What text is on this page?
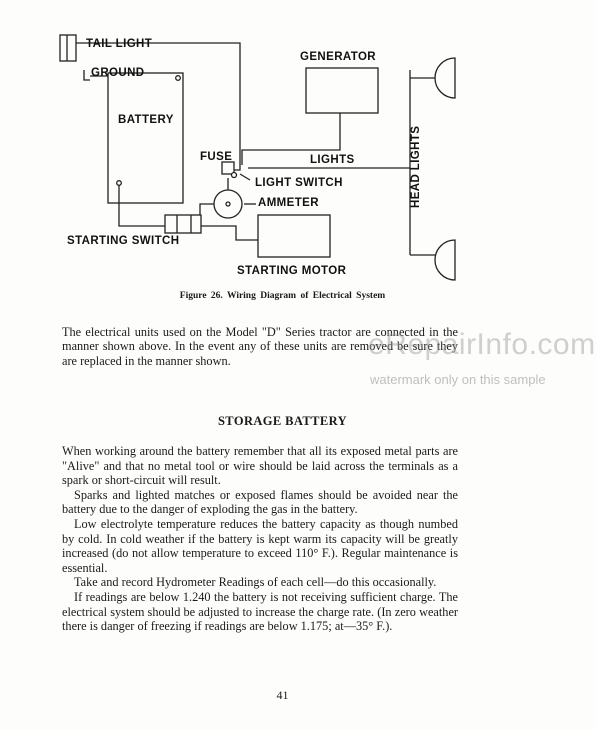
TAIL LIGHT
GROUND
BATTERY
GENERATOR
FUSE	LIGHTS
LIGHT SWITCH
AMMETER
STARTING SWITCH
STARTING MOTOR
HEAD LIGHTS
Figure 26. Wiring Diagram of Electrical System
The electrical units used on the Model "D" Series tractor are connected in the manner shown above. In the event any of these units are removed be sure they are replaced in the manner shown.	eRepairInfo.com
watermark only on this sample
STORAGE BATTERY

When working around the battery remember that all its exposed metal parts are "Alive" and that no metal tool or wire should be laid across the terminals as a spark or short-circuit will result.

Sparks and lighted matches or exposed flames should be avoided near the battery due to the danger of exploding the gas in the battery.

Low electrolyte temperature reduces the battery capacity as though numbed by cold. In cold weather if the battery is kept warm its capacity will be greatly increased (do not allow temperature to exceed 110° F.). Regular maintenance is essential.

Take and record Hydrometer Readings of each cell—do this occasionally.

If readings are below 1.240 the battery is not receiving sufficient charge. The electrical system should be adjusted to increase the charge rate. (In zero weather there is danger of freezing if readings are below 1.175; at—35° F.).

41
